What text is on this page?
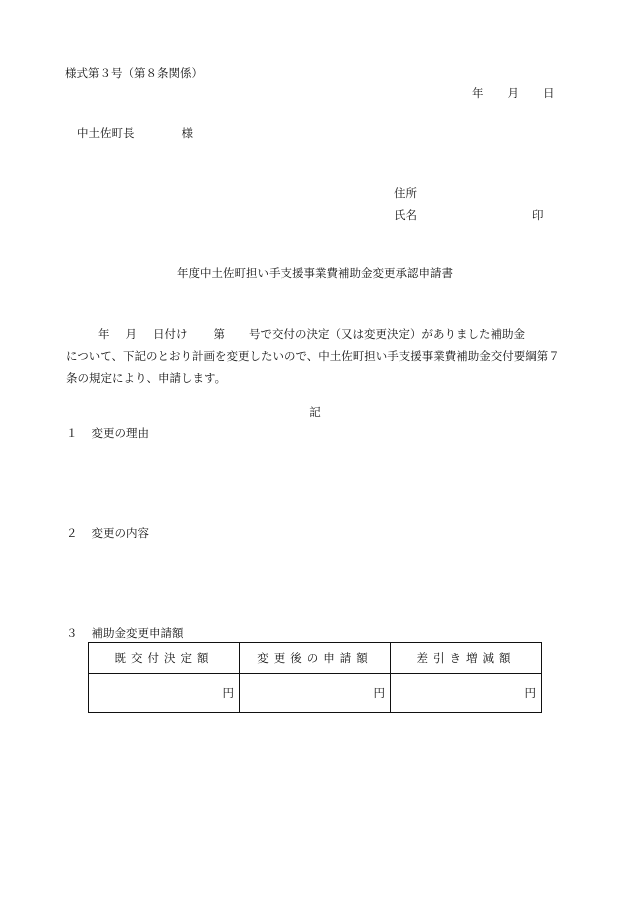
様式第３号（第８条関係）
年 月 日
中土佐町長	様
住所
氏名	印
年度中土佐町担い手支援事業費補助金変更承認申請書
年 月 日付け 第 号で交付の決定（又は変更決定）がありました補助金
について、下記のとおり計画を変更したいので、中土佐町担い手支援事業費補助金交付要綱第７
条の規定により、申請します。
記
１ 変更の理由
２ 変更の内容
３ 補助金変更申請額
既交付決定額	変更後の申請額	差引き増減額
円	円	円
